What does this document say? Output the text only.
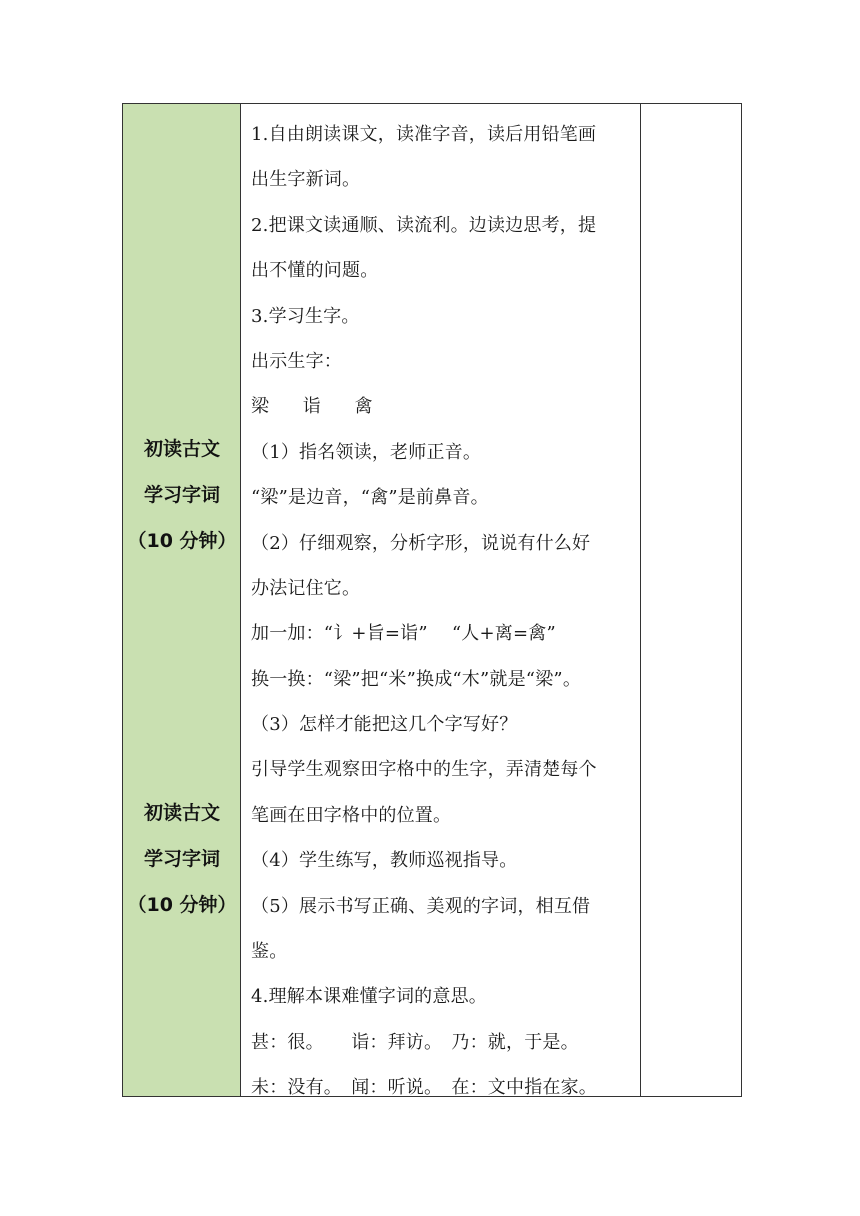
初读古文
学习字词
（10 分钟）
初读古文
学习字词
（10 分钟）
1.自由朗读课文，读准字音，读后用铅笔画
出生字新词。
2.把课文读通顺、读流利。边读边思考，提
出不懂的问题。
3.学习生字。
出示生字：
梁 诣 禽
（1）指名领读，老师正音。
“梁”是边音，“禽”是前鼻音。
（2）仔细观察，分析字形，说说有什么好
办法记住它。
加一加：“讠+旨=诣”　 “人+离=禽”
换一换：“梁”把“米”换成“木”就是“梁”。
（3）怎样才能把这几个字写好？
引导学生观察田字格中的生字，弄清楚每个
笔画在田字格中的位置。
（4）学生练写，教师巡视指导。
（5）展示书写正确、美观的字词，相互借
鉴。
4.理解本课难懂字词的意思。
甚：很。　　诣：拜访。　乃：就，于是。
未：没有。　闻：听说。　在：文中指在家。
